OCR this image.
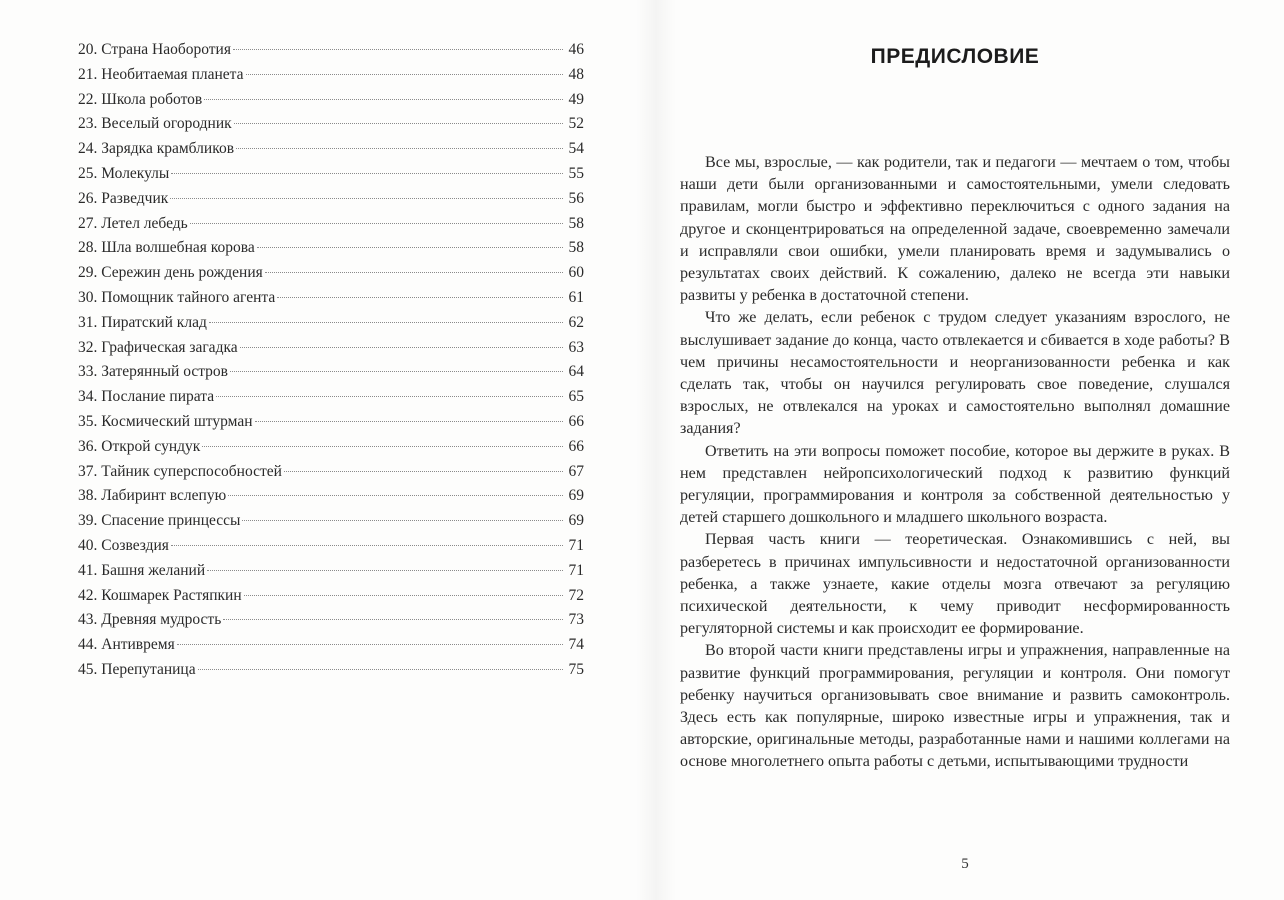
20. Страна Наоборотия	46
21. Необитаемая планета	48
22. Школа роботов	49
23. Веселый огородник	52
24. Зарядка крамбликов	54
25. Молекулы	55
26. Разведчик	56
27. Летел лебедь	58
28. Шла волшебная корова	58
29. Сережин день рождения	60
30. Помощник тайного агента	61
31. Пиратский клад	62
32. Графическая загадка	63
33. Затерянный остров	64
34. Послание пирата	65
35. Космический штурман	66
36. Открой сундук	66
37. Тайник суперспособностей	67
38. Лабиринт вслепую	69
39. Спасение принцессы	69
40. Созвездия	71
41. Башня желаний	71
42. Кошмарек Растяпкин	72
43. Древняя мудрость	73
44. Антивремя	74
45. Перепутаница	75
ПРЕДИСЛОВИЕ

Все мы, взрослые, — как родители, так и педагоги — мечтаем о том, чтобы наши дети были организованными и самостоятельными, умели следовать правилам, могли быстро и эффективно переключиться с одного задания на другое и сконцентрироваться на определенной задаче, своевременно замечали и исправляли свои ошибки, умели планировать время и задумывались о результатах своих действий. К сожалению, далеко не всегда эти навыки развиты у ребенка в достаточной степени.

Что же делать, если ребенок с трудом следует указаниям взрослого, не выслушивает задание до конца, часто отвлекается и сбивается в ходе работы? В чем причины несамостоятельности и неорганизованности ребенка и как сделать так, чтобы он научился регулировать свое поведение, слушался взрослых, не отвлекался на уроках и самостоятельно выполнял домашние задания?

Ответить на эти вопросы поможет пособие, которое вы держите в руках. В нем представлен нейропсихологический подход к развитию функций регуляции, программирования и контроля за собственной деятельностью у детей старшего дошкольного и младшего школьного возраста.

Первая часть книги — теоретическая. Ознакомившись с ней, вы разберетесь в причинах импульсивности и недостаточной организованности ребенка, а также узнаете, какие отделы мозга отвечают за регуляцию психической деятельности, к чему приводит несформированность регуляторной системы и как происходит ее формирование.

Во второй части книги представлены игры и упражнения, направленные на развитие функций программирования, регуляции и контроля. Они помогут ребенку научиться организовывать свое внимание и развить самоконтроль. Здесь есть как популярные, широко известные игры и упражнения, так и авторские, оригинальные методы, разработанные нами и нашими коллегами на основе многолетнего опыта работы с детьми, испытывающими трудности

5
